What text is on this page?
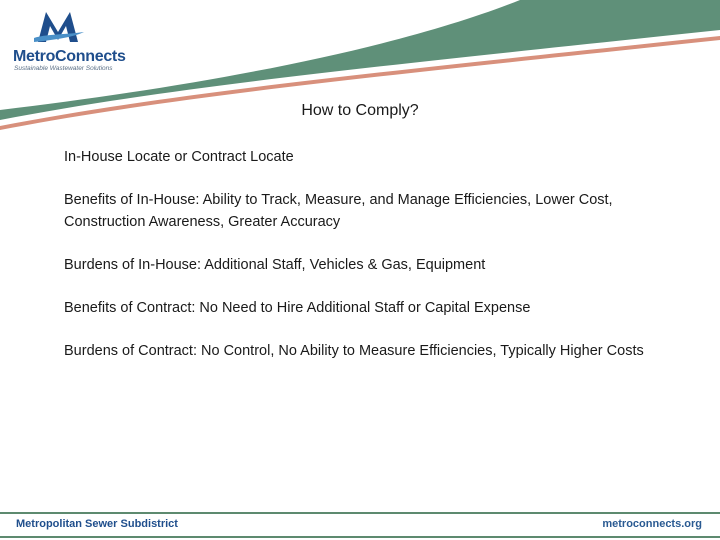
MetroConnects
Sustainable Wastewater Solutions
How to Comply?

In-House Locate or Contract Locate

Benefits of In-House: Ability to Track, Measure, and Manage Efficiencies, Lower Cost, Construction Awareness, Greater Accuracy

Burdens of In-House: Additional Staff, Vehicles & Gas, Equipment

Benefits of Contract: No Need to Hire Additional Staff or Capital Expense

Burdens of Contract: No Control, No Ability to Measure Efficiencies, Typically Higher Costs

Metropolitan Sewer Subdistrict	metroconnects.org
